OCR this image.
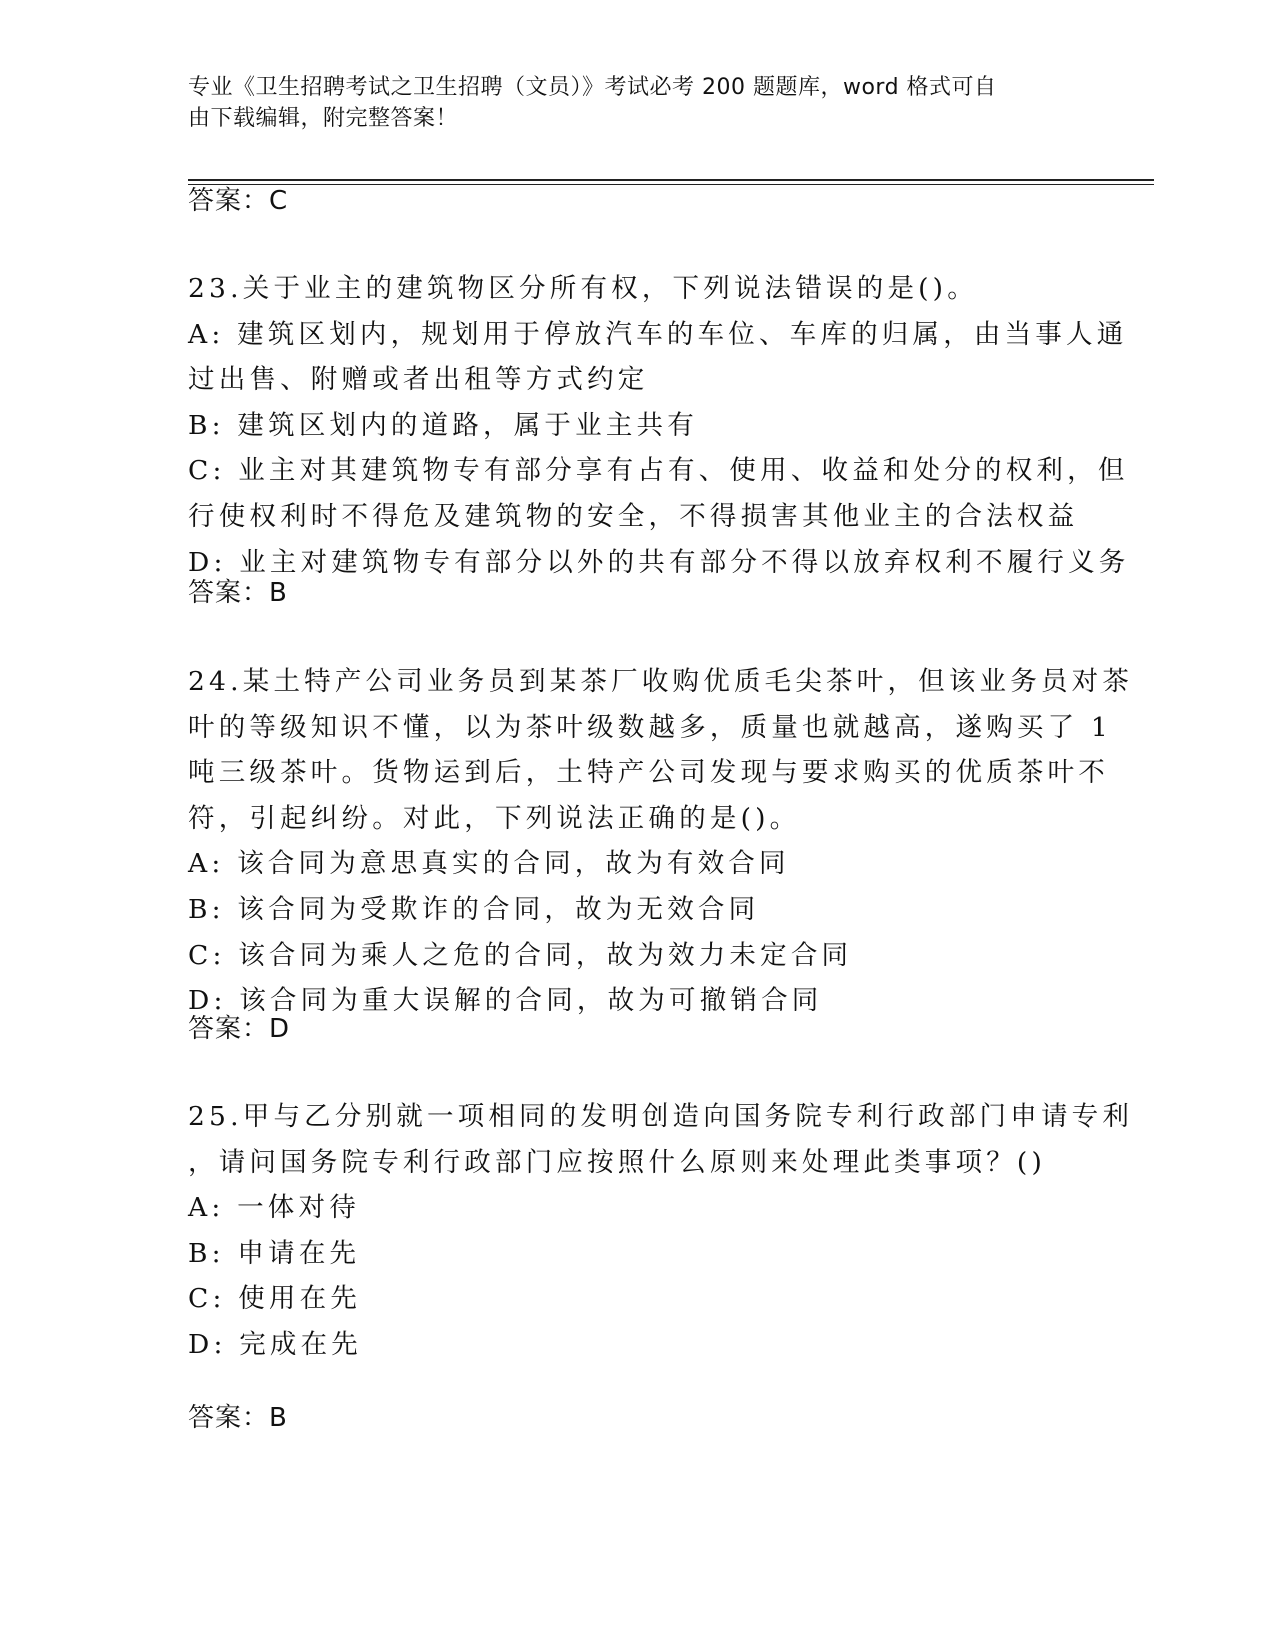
专业《卫生招聘考试之卫生招聘（文员）》考试必考 200 题题库，word 格式可自
由下载编辑，附完整答案！
答案：C
23.关于业主的建筑物区分所有权，下列说法错误的是()。
A: 建筑区划内，规划用于停放汽车的车位、车库的归属，由当事人通
过出售、附赠或者出租等方式约定
B: 建筑区划内的道路，属于业主共有
C: 业主对其建筑物专有部分享有占有、使用、收益和处分的权利，但
行使权利时不得危及建筑物的安全，不得损害其他业主的合法权益
D: 业主对建筑物专有部分以外的共有部分不得以放弃权利不履行义务
答案：B
24.某土特产公司业务员到某茶厂收购优质毛尖茶叶，但该业务员对茶
叶的等级知识不懂，以为茶叶级数越多，质量也就越高，遂购买了 1
吨三级茶叶。货物运到后，土特产公司发现与要求购买的优质茶叶不
符，引起纠纷。对此，下列说法正确的是()。
A: 该合同为意思真实的合同，故为有效合同
B: 该合同为受欺诈的合同，故为无效合同
C: 该合同为乘人之危的合同，故为效力未定合同
D: 该合同为重大误解的合同，故为可撤销合同
答案：D
25.甲与乙分别就一项相同的发明创造向国务院专利行政部门申请专利
，请问国务院专利行政部门应按照什么原则来处理此类事项？()
A: 一体对待
B: 申请在先
C: 使用在先
D: 完成在先
答案：B
